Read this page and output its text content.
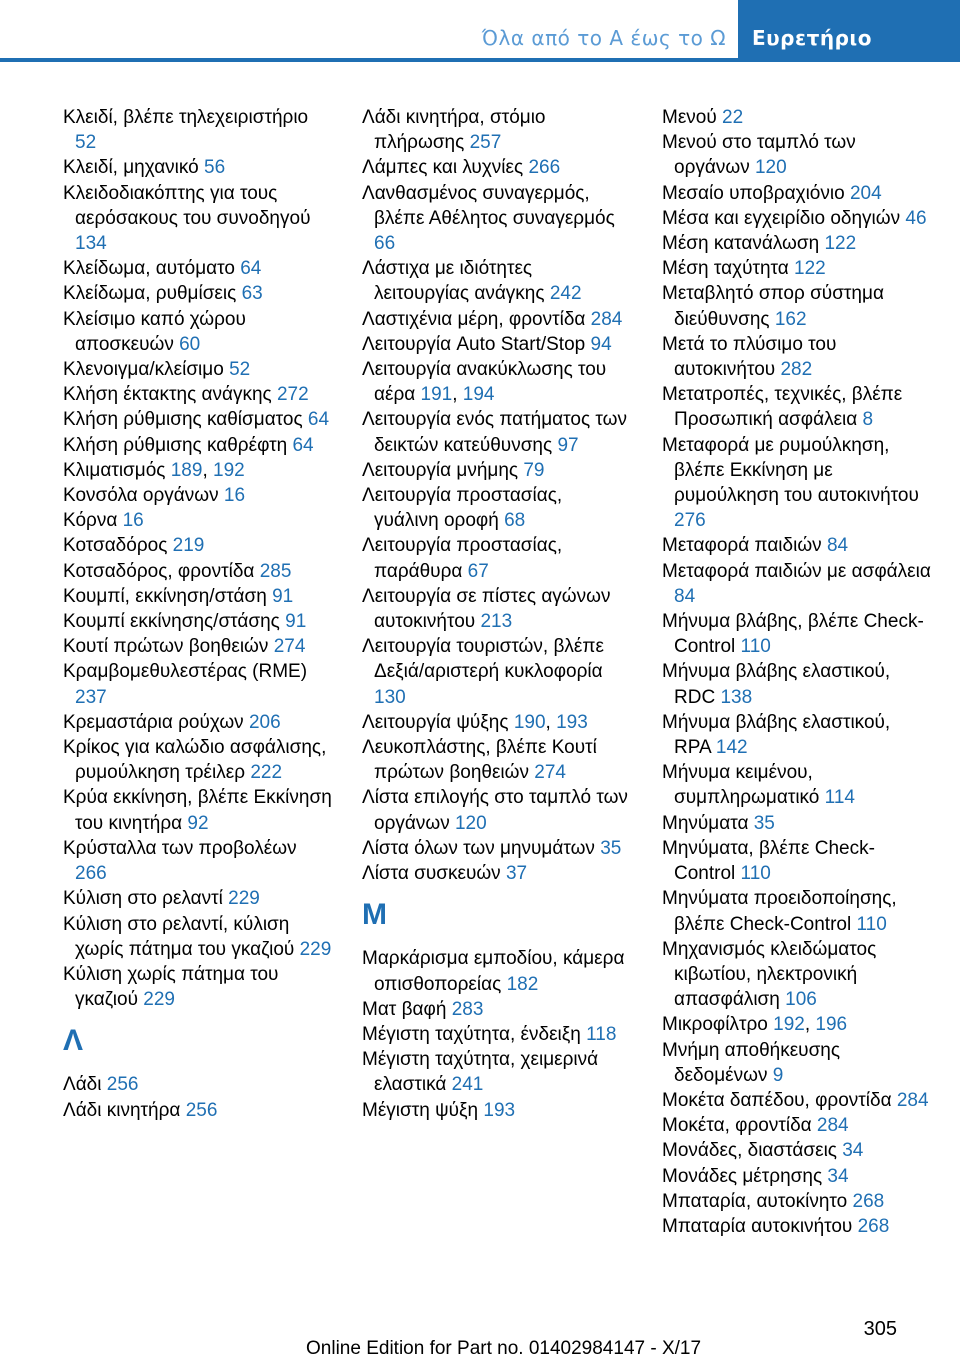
Όλα από το Α έως το Ω Ευρετήριο

Κλειδί, βλέπε τηλεχειριστήριο 52

Κλειδί, μηχανικό 56

Κλειδοδιακόπτης για τους αερόσακους του συνοδηγού 134

Κλείδωμα, αυτόματο 64

Κλείδωμα, ρυθμίσεις 63

Κλείσιμο καπό χώρου αποσκευών 60

Κλενοιγμα/κλείσιμο 52

Κλήση έκτακτης ανάγκης 272

Κλήση ρύθμισης καθίσματος 64

Κλήση ρύθμισης καθρέφτη 64

Κλιματισμός 189, 192

Κονσόλα οργάνων 16

Κόρνα 16

Κοτσαδόρος 219

Κοτσαδόρος, φροντίδα 285

Κουμπί, εκκίνηση/στάση 91

Κουμπί εκκίνησης/στάσης 91

Κουτί πρώτων βοηθειών 274

Κραμβομεθυλεστέρας (RME) 237

Κρεμαστάρια ρούχων 206

Κρίκος για καλώδιο ασφάλισης, ρυμούλκηση τρέιλερ 222

Κρύα εκκίνηση, βλέπε Εκκίνηση του κινητήρα 92

Κρύσταλλα των προβολέων 266

Κύλιση στο ρελαντί 229

Κύλιση στο ρελαντί, κύλιση χωρίς πάτημα του γκαζιού 229

Κύλιση χωρίς πάτημα του γκαζιού 229

Λ

Λάδι 256

Λάδι κινητήρα 256

Λάδι κινητήρα, στόμιο πλήρωσης 257

Λάμπες και λυχνίες 266

Λανθασμένος συναγερμός, βλέπε Αθέλητος συναγερμός 66

Λάστιχα με ιδιότητες λειτουργίας ανάγκης 242

Λαστιχένια μέρη, φροντίδα 284

Λειτουργία Auto Start/Stop 94

Λειτουργία ανακύκλωσης του αέρα 191, 194

Λειτουργία ενός πατήματος των δεικτών κατεύθυνσης 97

Λειτουργία μνήμης 79

Λειτουργία προστασίας, γυάλινη οροφή 68

Λειτουργία προστασίας, παράθυρα 67

Λειτουργία σε πίστες αγώνων αυτοκινήτου 213

Λειτουργία τουριστών, βλέπε Δεξιά/αριστερή κυκλοφορία 130

Λειτουργία ψύξης 190, 193

Λευκοπλάστης, βλέπε Κουτί πρώτων βοηθειών 274

Λίστα επιλογής στο ταμπλό των οργάνων 120

Λίστα όλων των μηνυμάτων 35

Λίστα συσκευών 37

Μ

Μαρκάρισμα εμποδίου, κάμερα οπισθοπορείας 182

Ματ βαφή 283

Μέγιστη ταχύτητα, ένδειξη 118

Μέγιστη ταχύτητα, χειμερινά ελαστικά 241

Μέγιστη ψύξη 193

Μενού 22

Μενού στο ταμπλό των οργάνων 120

Μεσαίο υποβραχιόνιο 204

Μέσα και εγχειρίδιο οδηγιών 46

Μέση κατανάλωση 122

Μέση ταχύτητα 122

Μεταβλητό σπορ σύστημα διεύθυνσης 162

Μετά το πλύσιμο του αυτοκινήτου 282

Μετατροπές, τεχνικές, βλέπε Προσωπική ασφάλεια 8

Μεταφορά με ρυμούλκηση, βλέπε Εκκίνηση με ρυμούλκηση του αυτοκινήτου 276

Μεταφορά παιδιών 84

Μεταφορά παιδιών με ασφάλεια 84

Μήνυμα βλάβης, βλέπε Check-Control 110

Μήνυμα βλάβης ελαστικού, RDC 138

Μήνυμα βλάβης ελαστικού, RPA 142

Μήνυμα κειμένου, συμπληρωματικό 114

Μηνύματα 35

Μηνύματα, βλέπε Check-Control 110

Μηνύματα προειδοποίησης, βλέπε Check-Control 110

Μηχανισμός κλειδώματος κιβωτίου, ηλεκτρονική απασφάλιση 106

Μικροφίλτρο 192, 196

Μνήμη αποθήκευσης δεδομένων 9

Μοκέτα δαπέδου, φροντίδα 284

Μοκέτα, φροντίδα 284

Μονάδες, διαστάσεις 34

Μονάδες μέτρησης 34

Μπαταρία, αυτοκίνητο 268

Μπαταρία αυτοκινήτου 268

305
Online Edition for Part no. 01402984147 - X/17
